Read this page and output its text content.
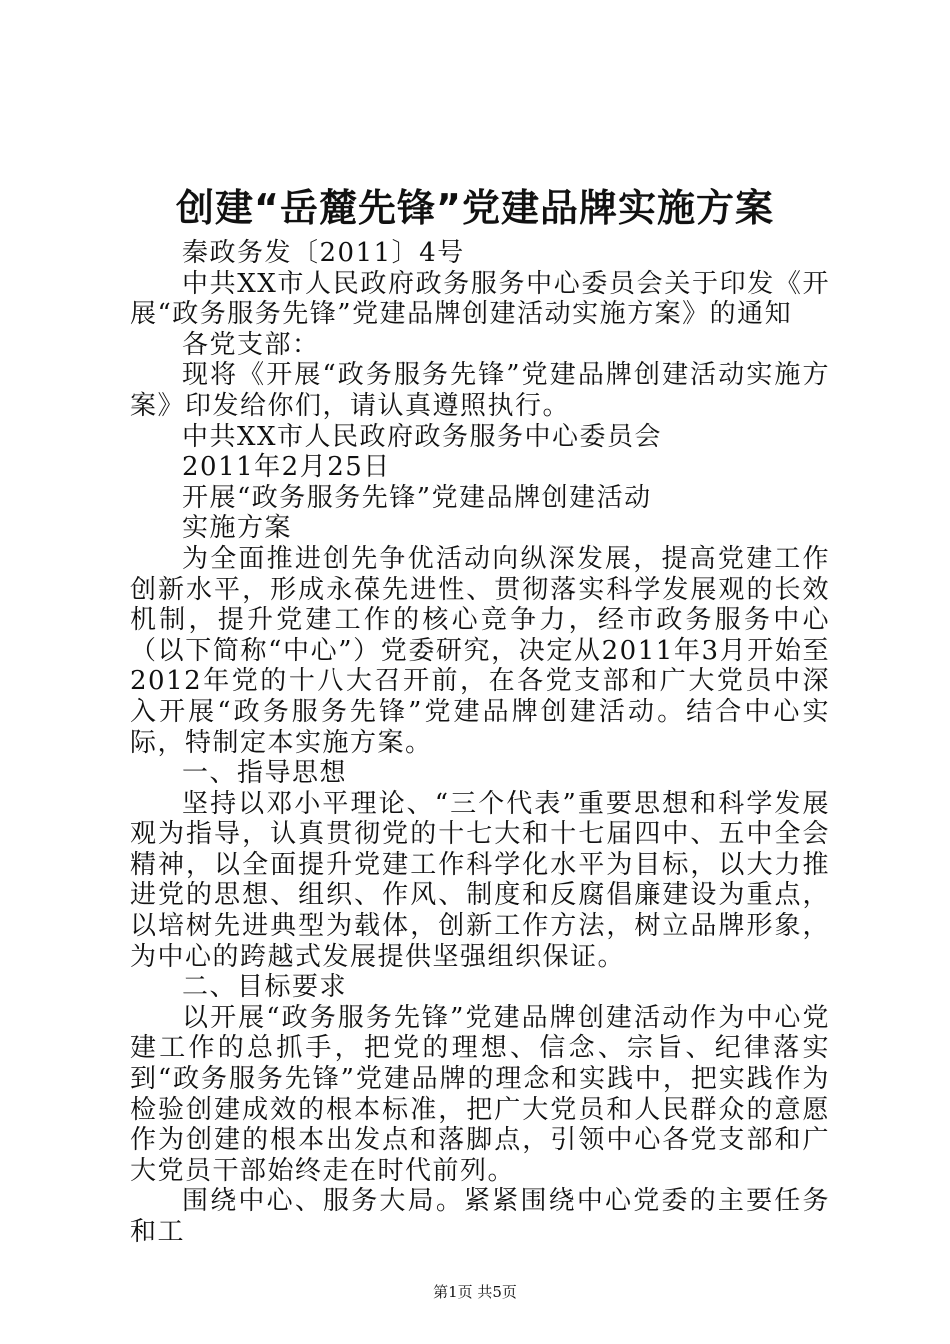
创建“岳麓先锋”党建品牌实施方案

秦政务发〔2011〕4号

中共XX市人民政府政务服务中心委员会关于印发《开展“政务服务先锋”党建品牌创建活动实施方案》的通知

各党支部：

现将《开展“政务服务先锋”党建品牌创建活动实施方案》印发给你们，请认真遵照执行。

中共XX市人民政府政务服务中心委员会

2011年2月25日

开展“政务服务先锋”党建品牌创建活动

实施方案

为全面推进创先争优活动向纵深发展，提高党建工作创新水平，形成永葆先进性、贯彻落实科学发展观的长效机制，提升党建工作的核心竞争力，经市政务服务中心（以下简称“中心”）党委研究，决定从2011年3月开始至2012年党的十八大召开前，在各党支部和广大党员中深入开展“政务服务先锋”党建品牌创建活动。结合中心实际，特制定本实施方案。

一、指导思想

坚持以邓小平理论、“三个代表”重要思想和科学发展观为指导，认真贯彻党的十七大和十七届四中、五中全会精神，以全面提升党建工作科学化水平为目标，以大力推进党的思想、组织、作风、制度和反腐倡廉建设为重点，以培树先进典型为载体，创新工作方法，树立品牌形象，为中心的跨越式发展提供坚强组织保证。

二、目标要求

以开展“政务服务先锋”党建品牌创建活动作为中心党建工作的总抓手，把党的理想、信念、宗旨、纪律落实到“政务服务先锋”党建品牌的理念和实践中，把实践作为检验创建成效的根本标准，把广大党员和人民群众的意愿作为创建的根本出发点和落脚点，引领中心各党支部和广大党员干部始终走在时代前列。

围绕中心、服务大局。紧紧围绕中心党委的主要任务和工

第1页 共5页
